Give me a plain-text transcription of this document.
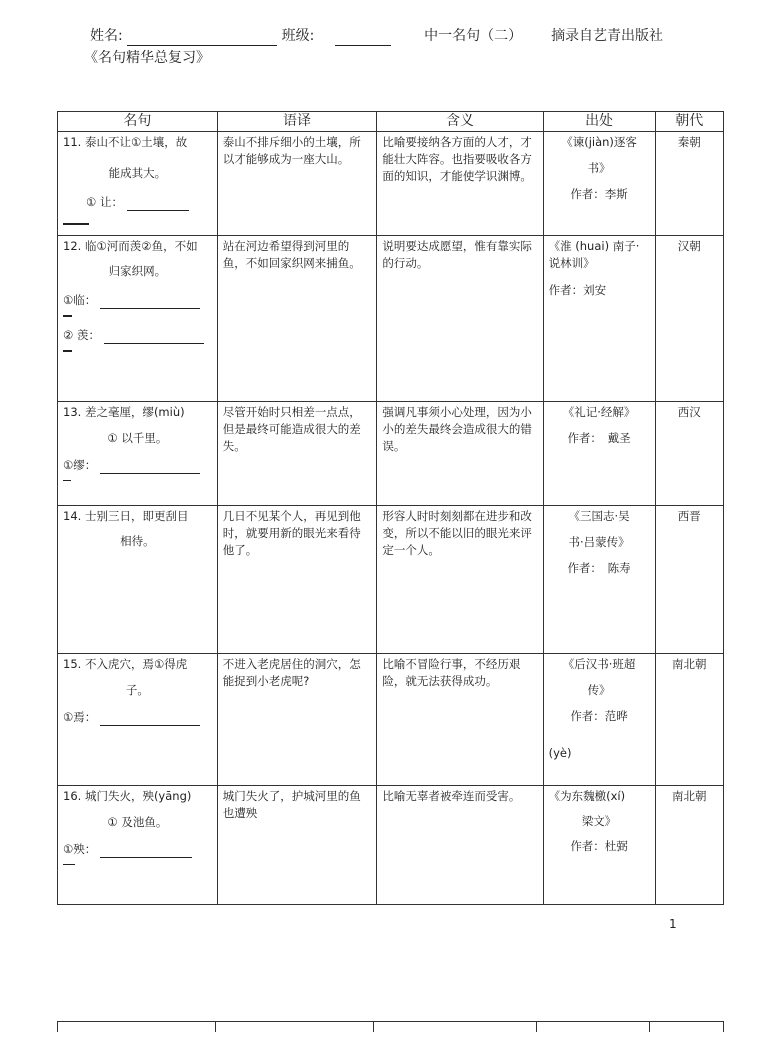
姓名:	班级:	中一名句（二） 摘录自艺青出版社
《名句精华总复习》
名句	语译	含义	出处	朝代
11. 泰山不让①土壤，故
能成其大。
① 让：	泰山不排斥细小的土壤，所以才能够成为一座大山。	比喻要接纳各方面的人才，才能壮大阵容。也指要吸收各方面的知识，才能使学识渊博。	《谏(jiàn)逐客
书》
作者：李斯	秦朝
12. 临①河而羡②鱼，不如
归家织网。
①临：
② 羡：	站在河边希望得到河里的鱼，不如回家织网来捕鱼。	说明要达成愿望，惟有靠实际的行动。	《淮 (huai) 南子·说林训》
作者：刘安	汉朝
13. 差之毫厘，缪(miù)
① 以千里。
①缪：	尽管开始时只相差一点点，但是最终可能造成很大的差失。	强调凡事须小心处理，因为小小的差失最终会造成很大的错误。	《礼记·经解》
作者：　戴圣	西汉
14. 士别三日，即更刮目
相待。	几日不见某个人，再见到他时，就要用新的眼光来看待他了。	形容人时时刻刻都在进步和改变，所以不能以旧的眼光来评定一个人。	《三国志·吴
书·吕蒙传》
作者：　陈寿	西晋
15. 不入虎穴，焉①得虎
子。
①焉：	不进入老虎居住的洞穴，怎能捉到小老虎呢?	比喻不冒险行事，不经历艰险，就无法获得成功。	《后汉书·班超
传》
作者：范晔
(yè)	南北朝
16. 城门失火，殃(yāng)
① 及池鱼。
①殃：	城门失火了，护城河里的鱼也遭殃	比喻无辜者被牵连而受害。	《为东魏檄(xí)
梁文》
作者：杜弼	南北朝
1
